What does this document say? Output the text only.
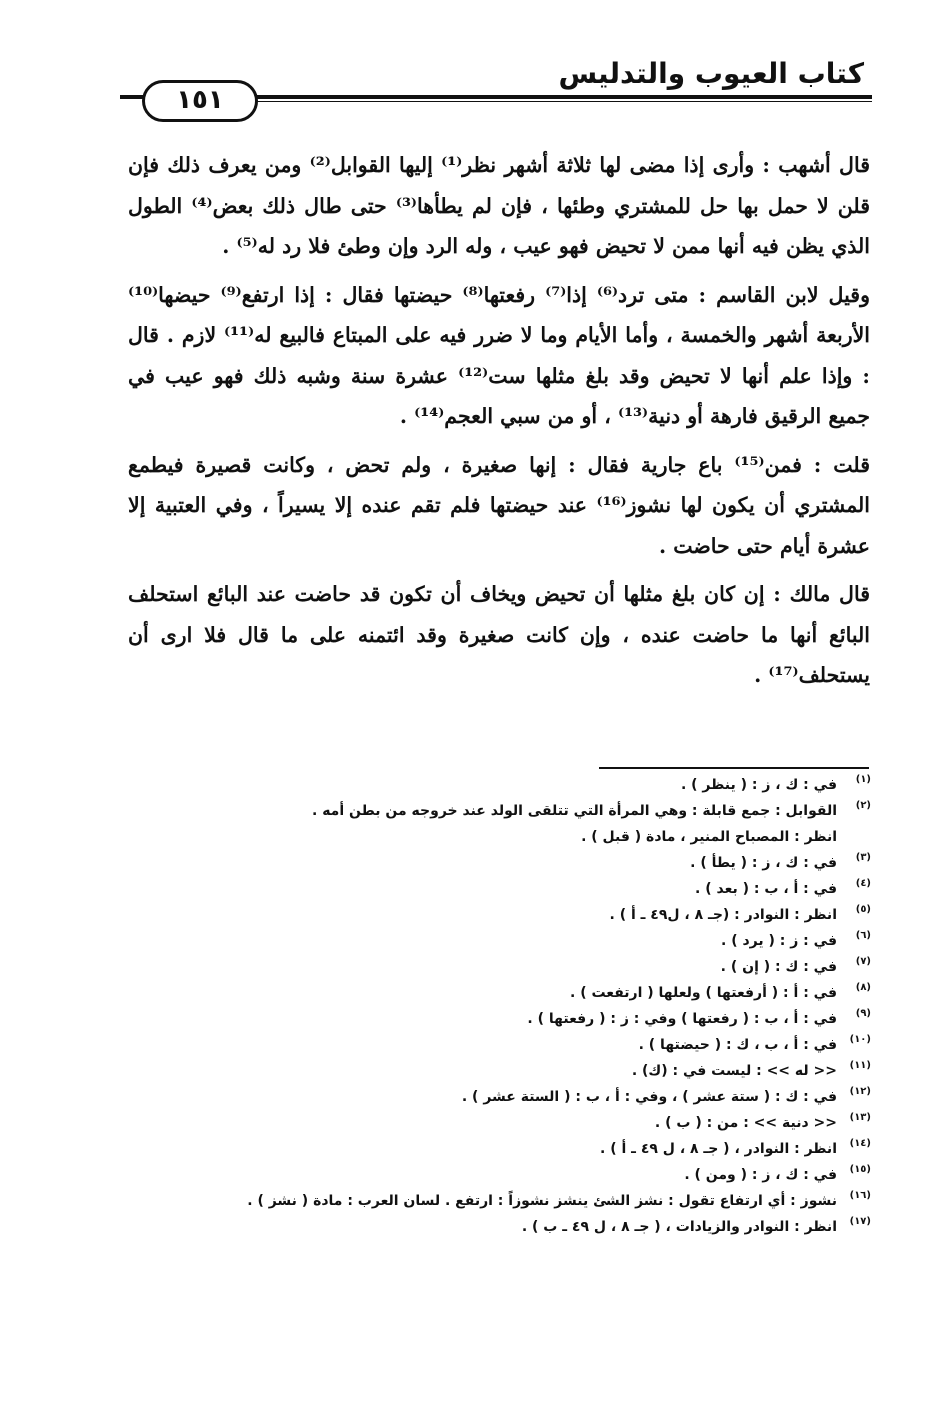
كتاب العيوب والتدليس
١٥١

قال أشهب : وأرى إذا مضى لها ثلاثة أشهر نظر⁽¹⁾ إليها القوابل⁽²⁾ ومن يعرف ذلك فإن قلن لا حمل بها حل للمشتري وطئها ، فإن لم يطأها⁽³⁾ حتى طال ذلك بعض⁽⁴⁾ الطول الذي يظن فيه أنها ممن لا تحيض فهو عيب ، وله الرد وإن وطئ فلا رد له⁽⁵⁾ .

وقيل لابن القاسم : متى ترد⁽⁶⁾ إذا⁽⁷⁾ رفعتها⁽⁸⁾ حيضتها فقال : إذا ارتفع⁽⁹⁾ حيضها⁽¹⁰⁾ الأربعة أشهر والخمسة ، وأما الأيام وما لا ضرر فيه على المبتاع فالبيع له⁽¹¹⁾ لازم . قال : وإذا علم أنها لا تحيض وقد بلغ مثلها ست⁽¹²⁾ عشرة سنة وشبه ذلك فهو عيب في جميع الرقيق فارهة أو دنية⁽¹³⁾ ، أو من سبي العجم⁽¹⁴⁾ .

قلت : فمن⁽¹⁵⁾ باع جارية فقال : إنها صغيرة ، ولم تحض ، وكانت قصيرة فيطمع المشتري أن يكون لها نشوز⁽¹⁶⁾ عند حيضتها فلم تقم عنده إلا يسيراً ، وفي العتبية إلا عشرة أيام حتى حاضت .

قال مالك : إن كان بلغ مثلها أن تحيض ويخاف أن تكون قد حاضت عند البائع استحلف البائع أنها ما حاضت عنده ، وإن كانت صغيرة وقد ائتمنه على ما قال فلا ارى أن يستحلف⁽¹⁷⁾ .

(١)
في : ك ، ز : ( ينظر ) .
(٢)
القوابل : جمع قابلة : وهي المرأة التي تتلقى الولد عند خروجه من بطن أمه .
انظر : المصباح المنير ، مادة ( قبل ) .
(٣)
في : ك ، ز : ( يطأ ) .
(٤)
في : أ ، ب : ( بعد ) .
(٥)
انظر : النوادر : (جـ ٨ ، ل٤٩ ـ أ ) .
(٦)
في : ز : ( يرد ) .
(٧)
في : ك : ( إن ) .
(٨)
في : أ : ( أرفعتها ) ولعلها ( ارتفعت ) .
(٩)
في : أ ، ب : ( رفعتها ) وفي : ز : ( رفعتها ) .
(١٠)
في : أ ، ب ، ك : ( حيضتها ) .
(١١)
<< له >> : ليست في : (ك) .
(١٢)
في : ك : ( ستة عشر ) ، وفي : أ ، ب : ( الستة عشر ) .
(١٣)
<< دنية >> : من : ( ب ) .
(١٤)
انظر : النوادر ، ( جـ ٨ ، ل ٤٩ ـ أ ) .
(١٥)
في : ك ، ز : ( ومن ) .
(١٦)
نشوز : أي ارتفاع تقول : نشز الشئ ينشز نشوزاً : ارتفع . لسان العرب : مادة ( نشز ) .
(١٧)
انظر : النوادر والزيادات ، ( جـ ٨ ، ل ٤٩ ـ ب ) .
